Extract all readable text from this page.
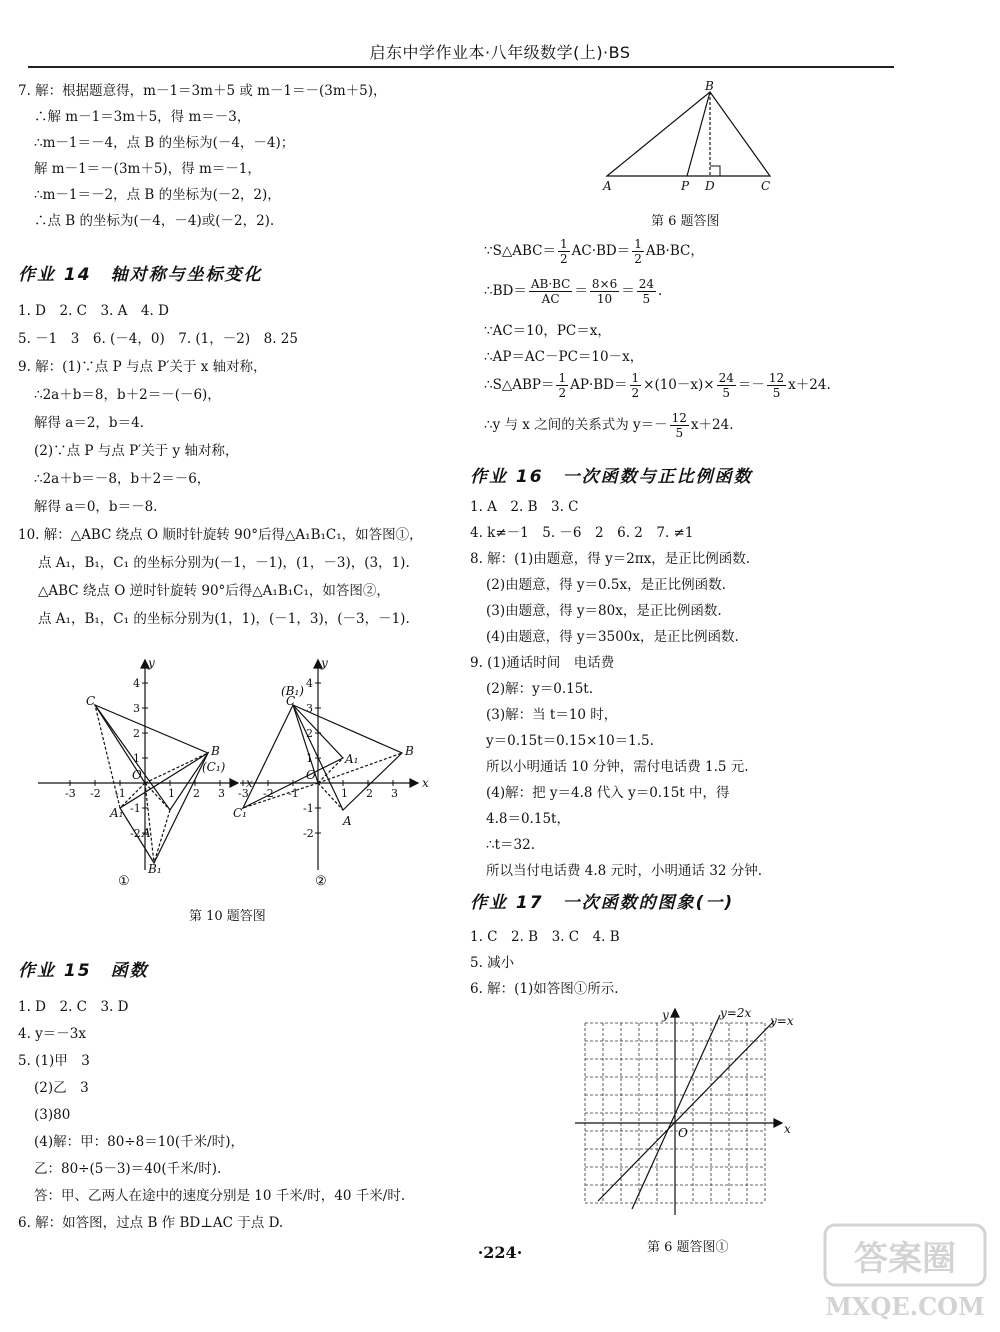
启东中学作业本·八年级数学(上)·BS
7. 解：根据题意得，m－1＝3m＋5 或 m－1＝－(3m＋5)，
∴解 m－1＝3m＋5，得 m＝－3，
∴m－1＝－4，点 B 的坐标为(－4，－4)；
解 m－1＝－(3m＋5)，得 m＝－1，
∴m－1＝－2，点 B 的坐标为(－2，2)，
∴点 B 的坐标为(－4，－4)或(－2，2).
作业 14　轴对称与坐标变化
1. D　2. C　3. A　4. D
5. －1　3　6. (－4，0)　7. (1，－2)　8. 25
9. 解：(1)∵点 P 与点 P′关于 x 轴对称，
∴2a＋b＝8，b＋2＝－(－6)，
解得 a＝2，b＝4.
(2)∵点 P 与点 P′关于 y 轴对称，
∴2a＋b＝－8，b＋2＝－6，
解得 a＝0，b＝－8.
10. 解：△ABC 绕点 O 顺时针旋转 90°后得△A₁B₁C₁，如答图①，
点 A₁，B₁，C₁ 的坐标分别为(－1，－1)，(1，－3)，(3，1).
△ABC 绕点 O 逆时针旋转 90°后得△A₁B₁C₁，如答图②，
点 A₁，B₁，C₁ 的坐标分别为(1，1)，(－1，3)，(－3，－1).
C
B
A
A₁
B₁
(C₁)
O
x
y
C
(B₁)
B
A
A₁
C₁
O
x
y
-3 -2 -1	1 2 3
4
3
2
1
-1
-2
-3 -2 -1	1 2 3
4
3
2
1
-1
-2
①	②
第 10 题答图
作业 15　函数
1. D　2. C　3. D
4. y＝－3x
5. (1)甲　3
(2)乙　3
(3)80
(4)解：甲：80÷8＝10(千米/时)，
乙：80÷(5－3)＝40(千米/时).
答：甲、乙两人在途中的速度分别是 10 千米/时，40 千米/时.
6. 解：如答图，过点 B 作 BD⊥AC 于点 D.
B
A	P D	C
第 6 题答图
∵S△ABC＝ $\frac{1}{2} AC\cdot BD= \frac{1}{2} AB\cdot BC$，
∴BD＝ $\frac{AB\cdot BC}{AC} = \frac{8\times 6}{10} = \frac{24}{5}$ .
∵AC＝10，PC＝x，
∴AP＝AC－PC＝10－x，
∴S△ABP＝ $\frac{1}{2} AP\cdot BD= \frac{1}{2} \times(10-x)\times \frac{24}{5} =- \frac{12}{5} x+24$.
∴y 与 x 之间的关系式为 $y=- \frac{12}{5} x+24$.
作业 16　一次函数与正比例函数
1. A　2. B　3. C
4. k≠－1　5. －6　2　6. 2　7. ≠1
8. 解：(1)由题意，得 y＝2πx，是正比例函数.
(2)由题意，得 y＝0.5x，是正比例函数.
(3)由题意，得 y＝80x，是正比例函数.
(4)由题意，得 y＝3500x，是正比例函数.
9. (1)通话时间　电话费
(2)解：y＝0.15t.
(3)解：当 t＝10 时，
y＝0.15t＝0.15×10＝1.5.
所以小明通话 10 分钟，需付电话费 1.5 元.
(4)解：把 y＝4.8 代入 y＝0.15t 中，得
4.8＝0.15t，
∴t＝32.
所以当付电话费 4.8 元时，小明通话 32 分钟.
作业 17　一次函数的图象(一)
1. C　2. B　3. C　4. B
5. 减小
6. 解：(1)如答图①所示.
y=2x
y=x
y
x
O
第 6 题答图①
·224·	答案圈
MXQE.COM
